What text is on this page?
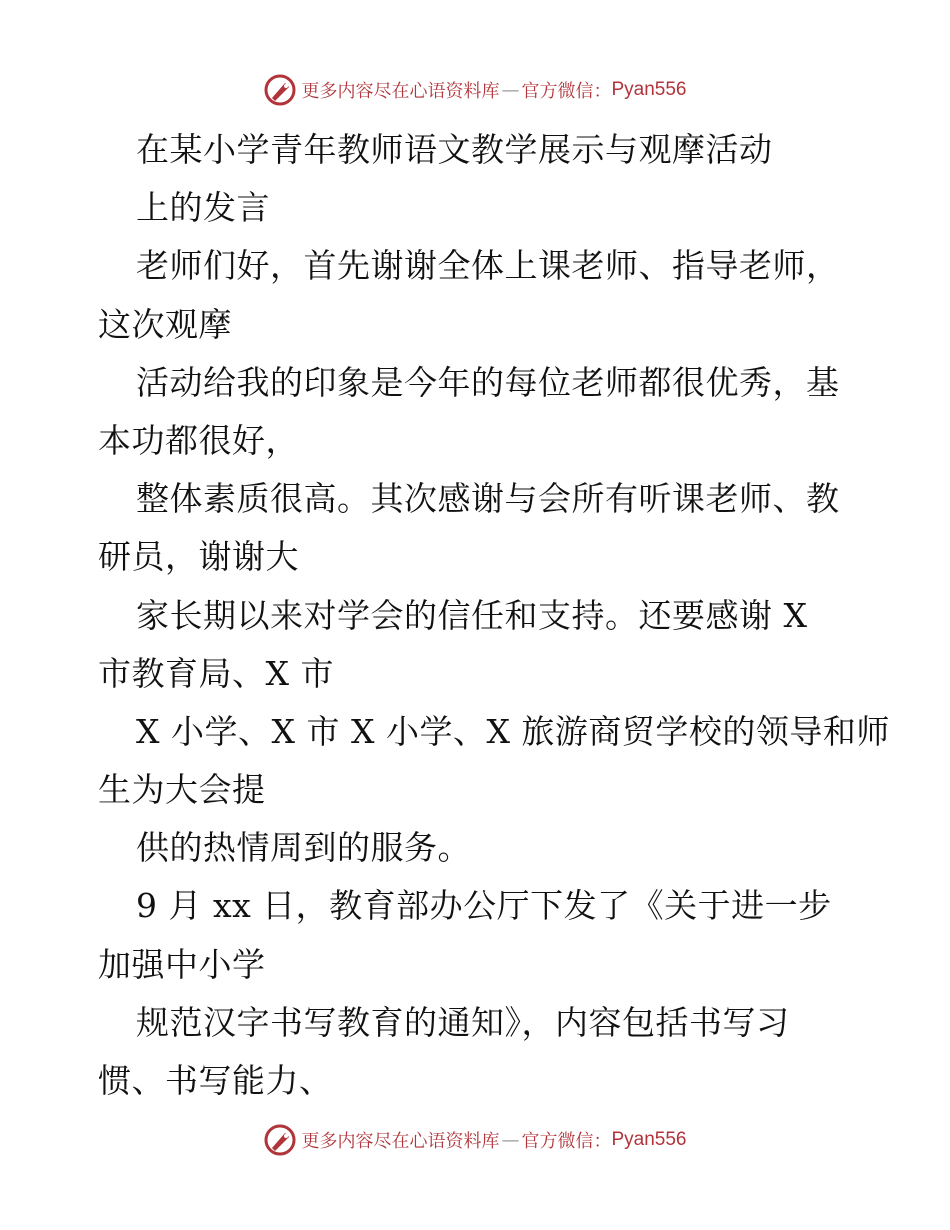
更多内容尽在心语资料库 — 官方微信： Pyan556
在某小学青年教师语文教学展示与观摩活动
上的发言
老师们好，首先谢谢全体上课老师、指导老师，
这次观摩
活动给我的印象是今年的每位老师都很优秀，基
本功都很好，
整体素质很高。其次感谢与会所有听课老师、教
研员，谢谢大
家长期以来对学会的信任和支持。还要感谢 X
市教育局、X 市
X 小学、X 市 X 小学、X 旅游商贸学校的领导和师
生为大会提
供的热情周到的服务。
9 月 xx 日，教育部办公厅下发了《关于进一步
加强中小学
规范汉字书写教育的通知》，内容包括书写习
惯、书写能力、
更多内容尽在心语资料库 — 官方微信： Pyan556
